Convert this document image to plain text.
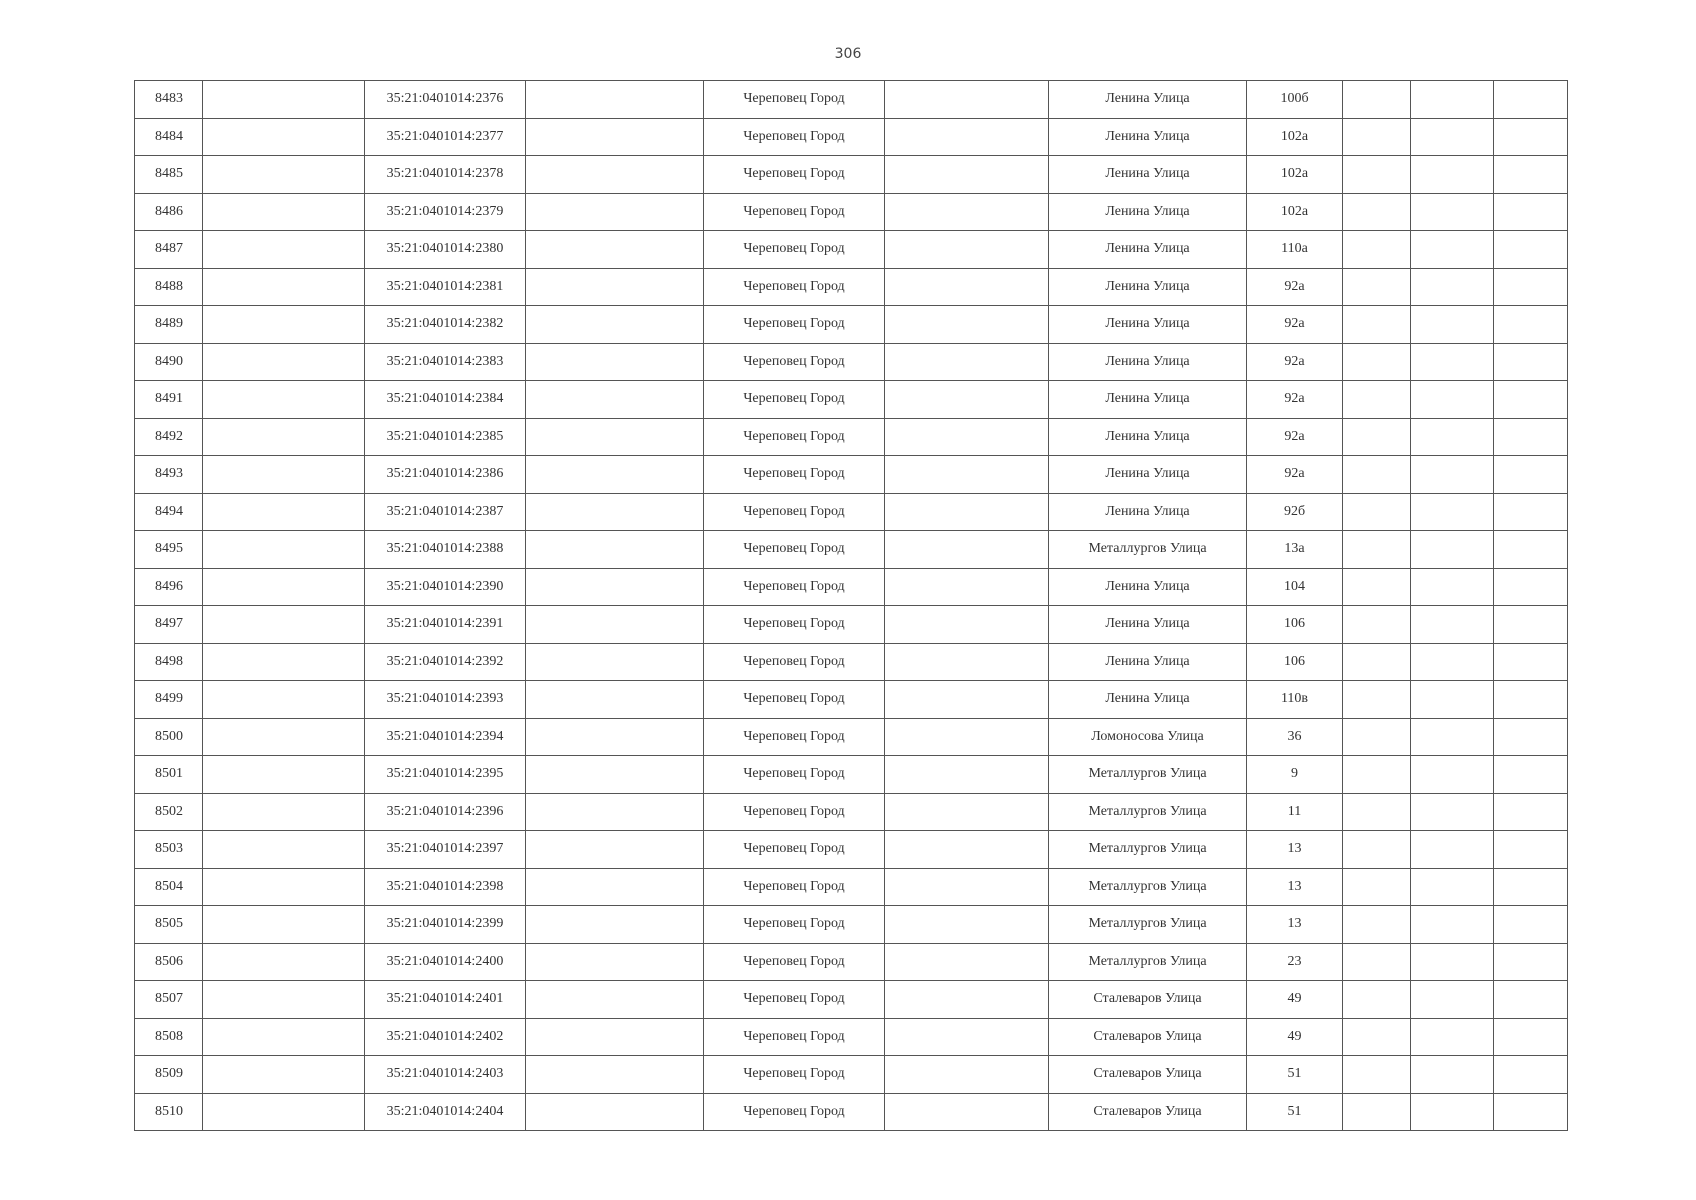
306
8483		35:21:0401014:2376		Череповец Город		Ленина Улица	100б			
8484		35:21:0401014:2377		Череповец Город		Ленина Улица	102а			
8485		35:21:0401014:2378		Череповец Город		Ленина Улица	102а			
8486		35:21:0401014:2379		Череповец Город		Ленина Улица	102а			
8487		35:21:0401014:2380		Череповец Город		Ленина Улица	110а			
8488		35:21:0401014:2381		Череповец Город		Ленина Улица	92а			
8489		35:21:0401014:2382		Череповец Город		Ленина Улица	92а			
8490		35:21:0401014:2383		Череповец Город		Ленина Улица	92а			
8491		35:21:0401014:2384		Череповец Город		Ленина Улица	92а			
8492		35:21:0401014:2385		Череповец Город		Ленина Улица	92а			
8493		35:21:0401014:2386		Череповец Город		Ленина Улица	92а			
8494		35:21:0401014:2387		Череповец Город		Ленина Улица	92б			
8495		35:21:0401014:2388		Череповец Город		Металлургов Улица	13а			
8496		35:21:0401014:2390		Череповец Город		Ленина Улица	104			
8497		35:21:0401014:2391		Череповец Город		Ленина Улица	106			
8498		35:21:0401014:2392		Череповец Город		Ленина Улица	106			
8499		35:21:0401014:2393		Череповец Город		Ленина Улица	110в			
8500		35:21:0401014:2394		Череповец Город		Ломоносова Улица	36			
8501		35:21:0401014:2395		Череповец Город		Металлургов Улица	9			
8502		35:21:0401014:2396		Череповец Город		Металлургов Улица	11			
8503		35:21:0401014:2397		Череповец Город		Металлургов Улица	13			
8504		35:21:0401014:2398		Череповец Город		Металлургов Улица	13			
8505		35:21:0401014:2399		Череповец Город		Металлургов Улица	13			
8506		35:21:0401014:2400		Череповец Город		Металлургов Улица	23			
8507		35:21:0401014:2401		Череповец Город		Сталеваров Улица	49			
8508		35:21:0401014:2402		Череповец Город		Сталеваров Улица	49			
8509		35:21:0401014:2403		Череповец Город		Сталеваров Улица	51			
8510		35:21:0401014:2404		Череповец Город		Сталеваров Улица	51			
